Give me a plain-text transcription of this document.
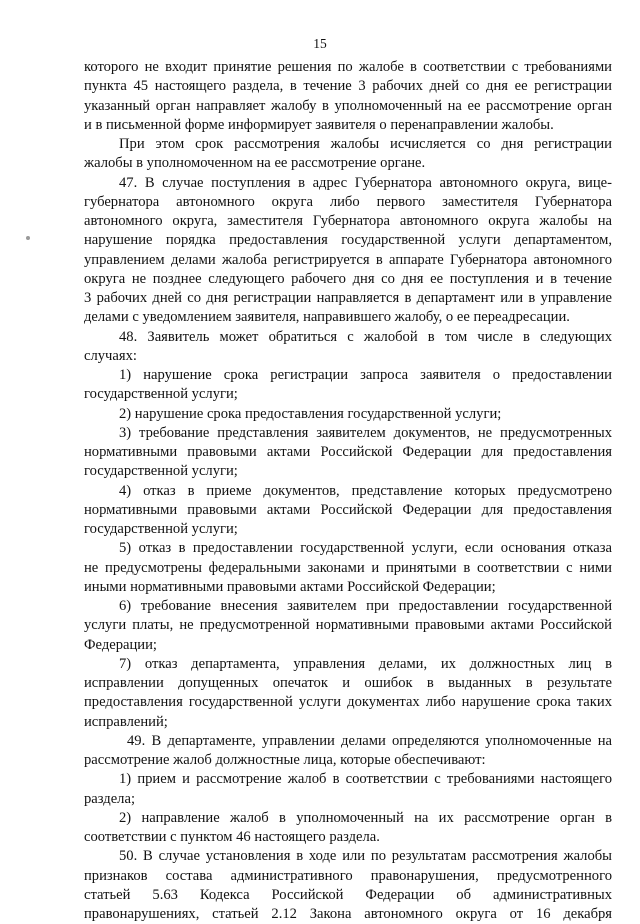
15
которого не входит принятие решения по жалобе в соответствии с требованиями
пункта 45 настоящего раздела, в течение 3 рабочих дней со дня ее регистрации
указанный орган направляет жалобу в уполномоченный на ее рассмотрение орган
и в письменной форме информирует заявителя о перенаправлении жалобы.
При этом срок рассмотрения жалобы исчисляется со дня регистрации
жалобы в уполномоченном на ее рассмотрение органе.
47. В случае поступления в адрес Губернатора автономного округа, вице-
губернатора автономного округа либо первого заместителя Губернатора
автономного округа, заместителя Губернатора автономного округа жалобы на
нарушение порядка предоставления государственной услуги департаментом,
управлением делами жалоба регистрируется в аппарате Губернатора автономного
округа не позднее следующего рабочего дня со дня ее поступления и в течение
3 рабочих дней со дня регистрации направляется в департамент или в управление
делами с уведомлением заявителя, направившего жалобу, о ее переадресации.
48. Заявитель может обратиться с жалобой в том числе в следующих
случаях:
1) нарушение срока регистрации запроса заявителя о предоставлении
государственной услуги;
2) нарушение срока предоставления государственной услуги;
3) требование представления заявителем документов, не предусмотренных
нормативными правовыми актами Российской Федерации для предоставления
государственной услуги;
4) отказ в приеме документов, представление которых предусмотрено
нормативными правовыми актами Российской Федерации для предоставления
государственной услуги;
5) отказ в предоставлении государственной услуги, если основания отказа
не предусмотрены федеральными законами и принятыми в соответствии с ними
иными нормативными правовыми актами Российской Федерации;
6) требование внесения заявителем при предоставлении государственной
услуги платы, не предусмотренной нормативными правовыми актами Российской
Федерации;
7) отказ департамента, управления делами, их должностных лиц в
исправлении допущенных опечаток и ошибок в выданных в результате
предоставления государственной услуги документах либо нарушение срока таких
исправлений;
49. В департаменте, управлении делами определяются уполномоченные на
рассмотрение жалоб должностные лица, которые обеспечивают:
1) прием и рассмотрение жалоб в соответствии с требованиями настоящего
раздела;
2) направление жалоб в уполномоченный на их рассмотрение орган в
соответствии с пунктом 46 настоящего раздела.
50. В случае установления в ходе или по результатам рассмотрения жалобы
признаков состава административного правонарушения, предусмотренного
статьей 5.63 Кодекса Российской Федерации об административных
правонарушениях, статьей 2.12 Закона автономного округа от 16 декабря
